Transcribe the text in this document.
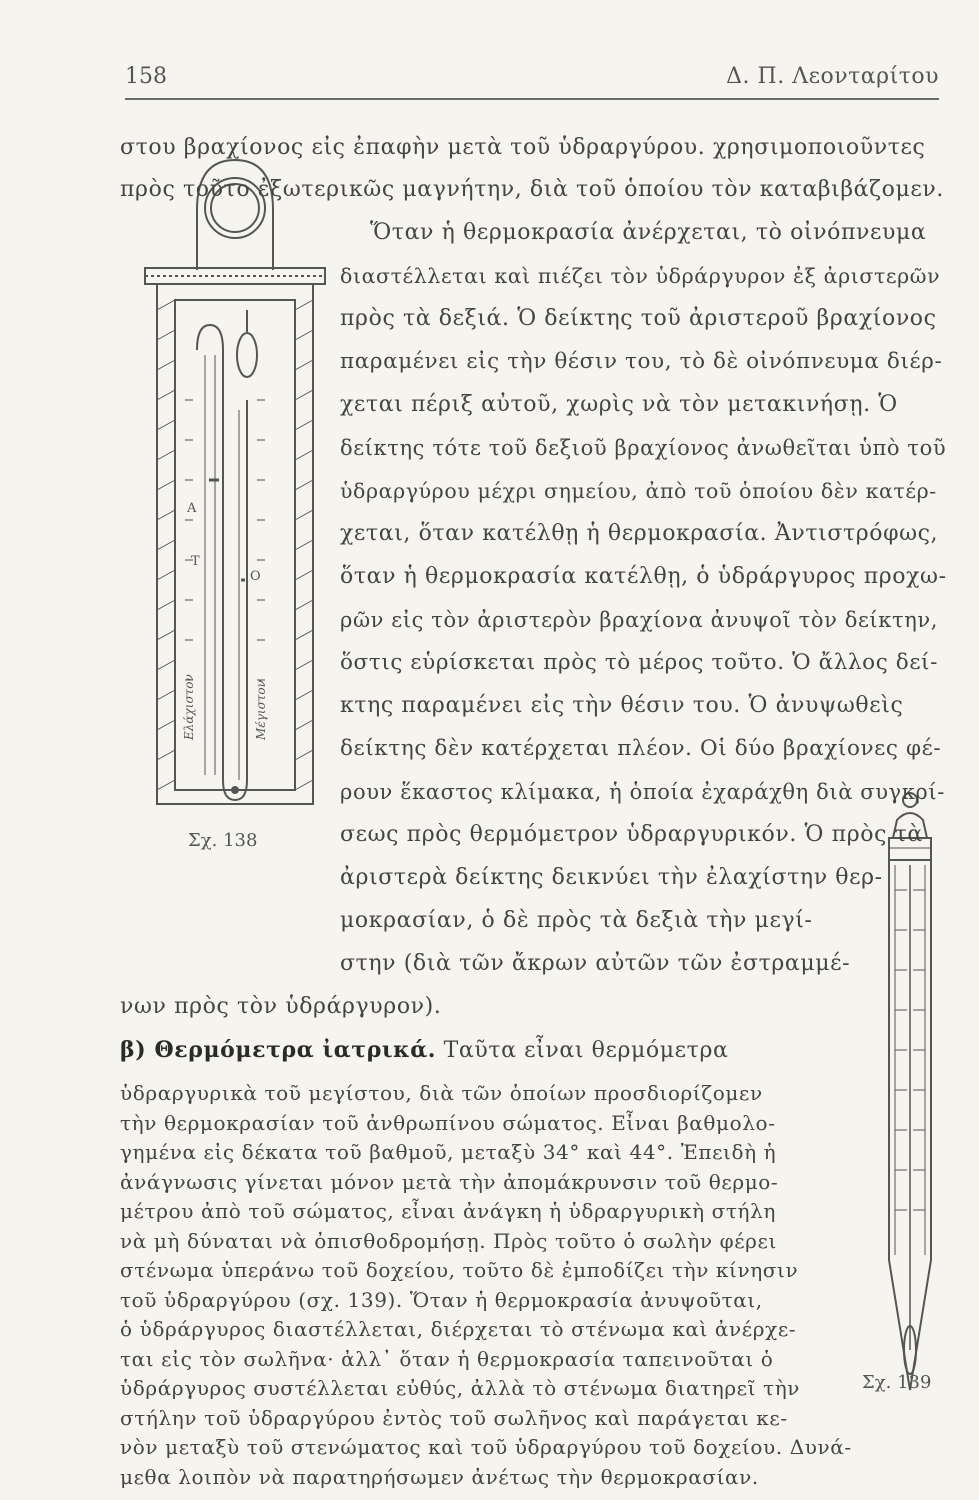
158	Δ. Π. Λεονταρίτου
Α
Τ
Ο
Ελάχιστον	Μέγιστον
Σχ. 138
Σχ. 139
στου βραχίονος εἰς ἐπαφὴν μετὰ τοῦ ὑδραργύρου. χρησιμοποιοῦντες
πρὸς τοῦτο ἐξωτερικῶς μαγνήτην, διὰ τοῦ ὁποίου τὸν καταβιβάζομεν.
Ὅταν ἡ θερμοκρασία ἀνέρχεται, τὸ οἰνόπνευμα
διαστέλλεται καὶ πιέζει τὸν ὑδράργυρον ἐξ ἀριστερῶν
πρὸς τὰ δεξιά. Ὁ δείκτης τοῦ ἀριστεροῦ βραχίονος
παραμένει εἰς τὴν θέσιν του, τὸ δὲ οἰνόπνευμα διέρ-
χεται πέριξ αὐτοῦ, χωρὶς νὰ τὸν μετακινήσῃ. Ὁ
δείκτης τότε τοῦ δεξιοῦ βραχίονος ἀνωθεῖται ὑπὸ τοῦ
ὑδραργύρου μέχρι σημείου, ἀπὸ τοῦ ὁποίου δὲν κατέρ-
χεται, ὅταν κατέλθῃ ἡ θερμοκρασία. Ἀντιστρόφως,
ὅταν ἡ θερμοκρασία κατέλθῃ, ὁ ὑδράργυρος προχω-
ρῶν εἰς τὸν ἀριστερὸν βραχίονα ἀνυψοῖ τὸν δείκτην,
ὅστις εὑρίσκεται πρὸς τὸ μέρος τοῦτο. Ὁ ἄλλος δεί-
κτης παραμένει εἰς τὴν θέσιν του. Ὁ ἀνυψωθεὶς
δείκτης δὲν κατέρχεται πλέον. Οἱ δύο βραχίονες φέ-
ρουν ἕκαστος κλίμακα, ἡ ὁποία ἐχαράχθη διὰ συγκρί-
σεως πρὸς θερμόμετρον ὑδραργυρικόν. Ὁ πρὸς τὰ
ἀριστερὰ δείκτης δεικνύει τὴν ἐλαχίστην θερ-
μοκρασίαν, ὁ δὲ πρὸς τὰ δεξιὰ τὴν μεγί-
στην (διὰ τῶν ἄκρων αὐτῶν τῶν ἐστραμμέ-
νων πρὸς τὸν ὑδράργυρον).
β) Θερμόμετρα ἰατρικά. Ταῦτα εἶναι θερμόμετρα
ὑδραργυρικὰ τοῦ μεγίστου, διὰ τῶν ὁποίων προσδιορίζομεν
τὴν θερμοκρασίαν τοῦ ἀνθρωπίνου σώματος. Εἶναι βαθμολο-
γημένα εἰς δέκατα τοῦ βαθμοῦ, μεταξὺ 34° καὶ 44°. Ἐπειδὴ ἡ
ἀνάγνωσις γίνεται μόνον μετὰ τὴν ἀπομάκρυνσιν τοῦ θερμο-
μέτρου ἀπὸ τοῦ σώματος, εἶναι ἀνάγκη ἡ ὑδραργυρικὴ στήλη
νὰ μὴ δύναται νὰ ὀπισθοδρομήσῃ. Πρὸς τοῦτο ὁ σωλὴν φέρει
στένωμα ὑπεράνω τοῦ δοχείου, τοῦτο δὲ ἐμποδίζει τὴν κίνησιν
τοῦ ὑδραργύρου (σχ. 139). Ὅταν ἡ θερμοκρασία ἀνυψοῦται,
ὁ ὑδράργυρος διαστέλλεται, διέρχεται τὸ στένωμα καὶ ἀνέρχε-
ται εἰς τὸν σωλῆνα· ἀλλ᾽ ὅταν ἡ θερμοκρασία ταπεινοῦται ὁ
ὑδράργυρος συστέλλεται εὐθύς, ἀλλὰ τὸ στένωμα διατηρεῖ τὴν
στήλην τοῦ ὑδραργύρου ἐντὸς τοῦ σωλῆνος καὶ παράγεται κε-
νὸν μεταξὺ τοῦ στενώματος καὶ τοῦ ὑδραργύρου τοῦ δοχείου. Δυνά-
μεθα λοιπὸν νὰ παρατηρήσωμεν ἀνέτως τὴν θερμοκρασίαν.
